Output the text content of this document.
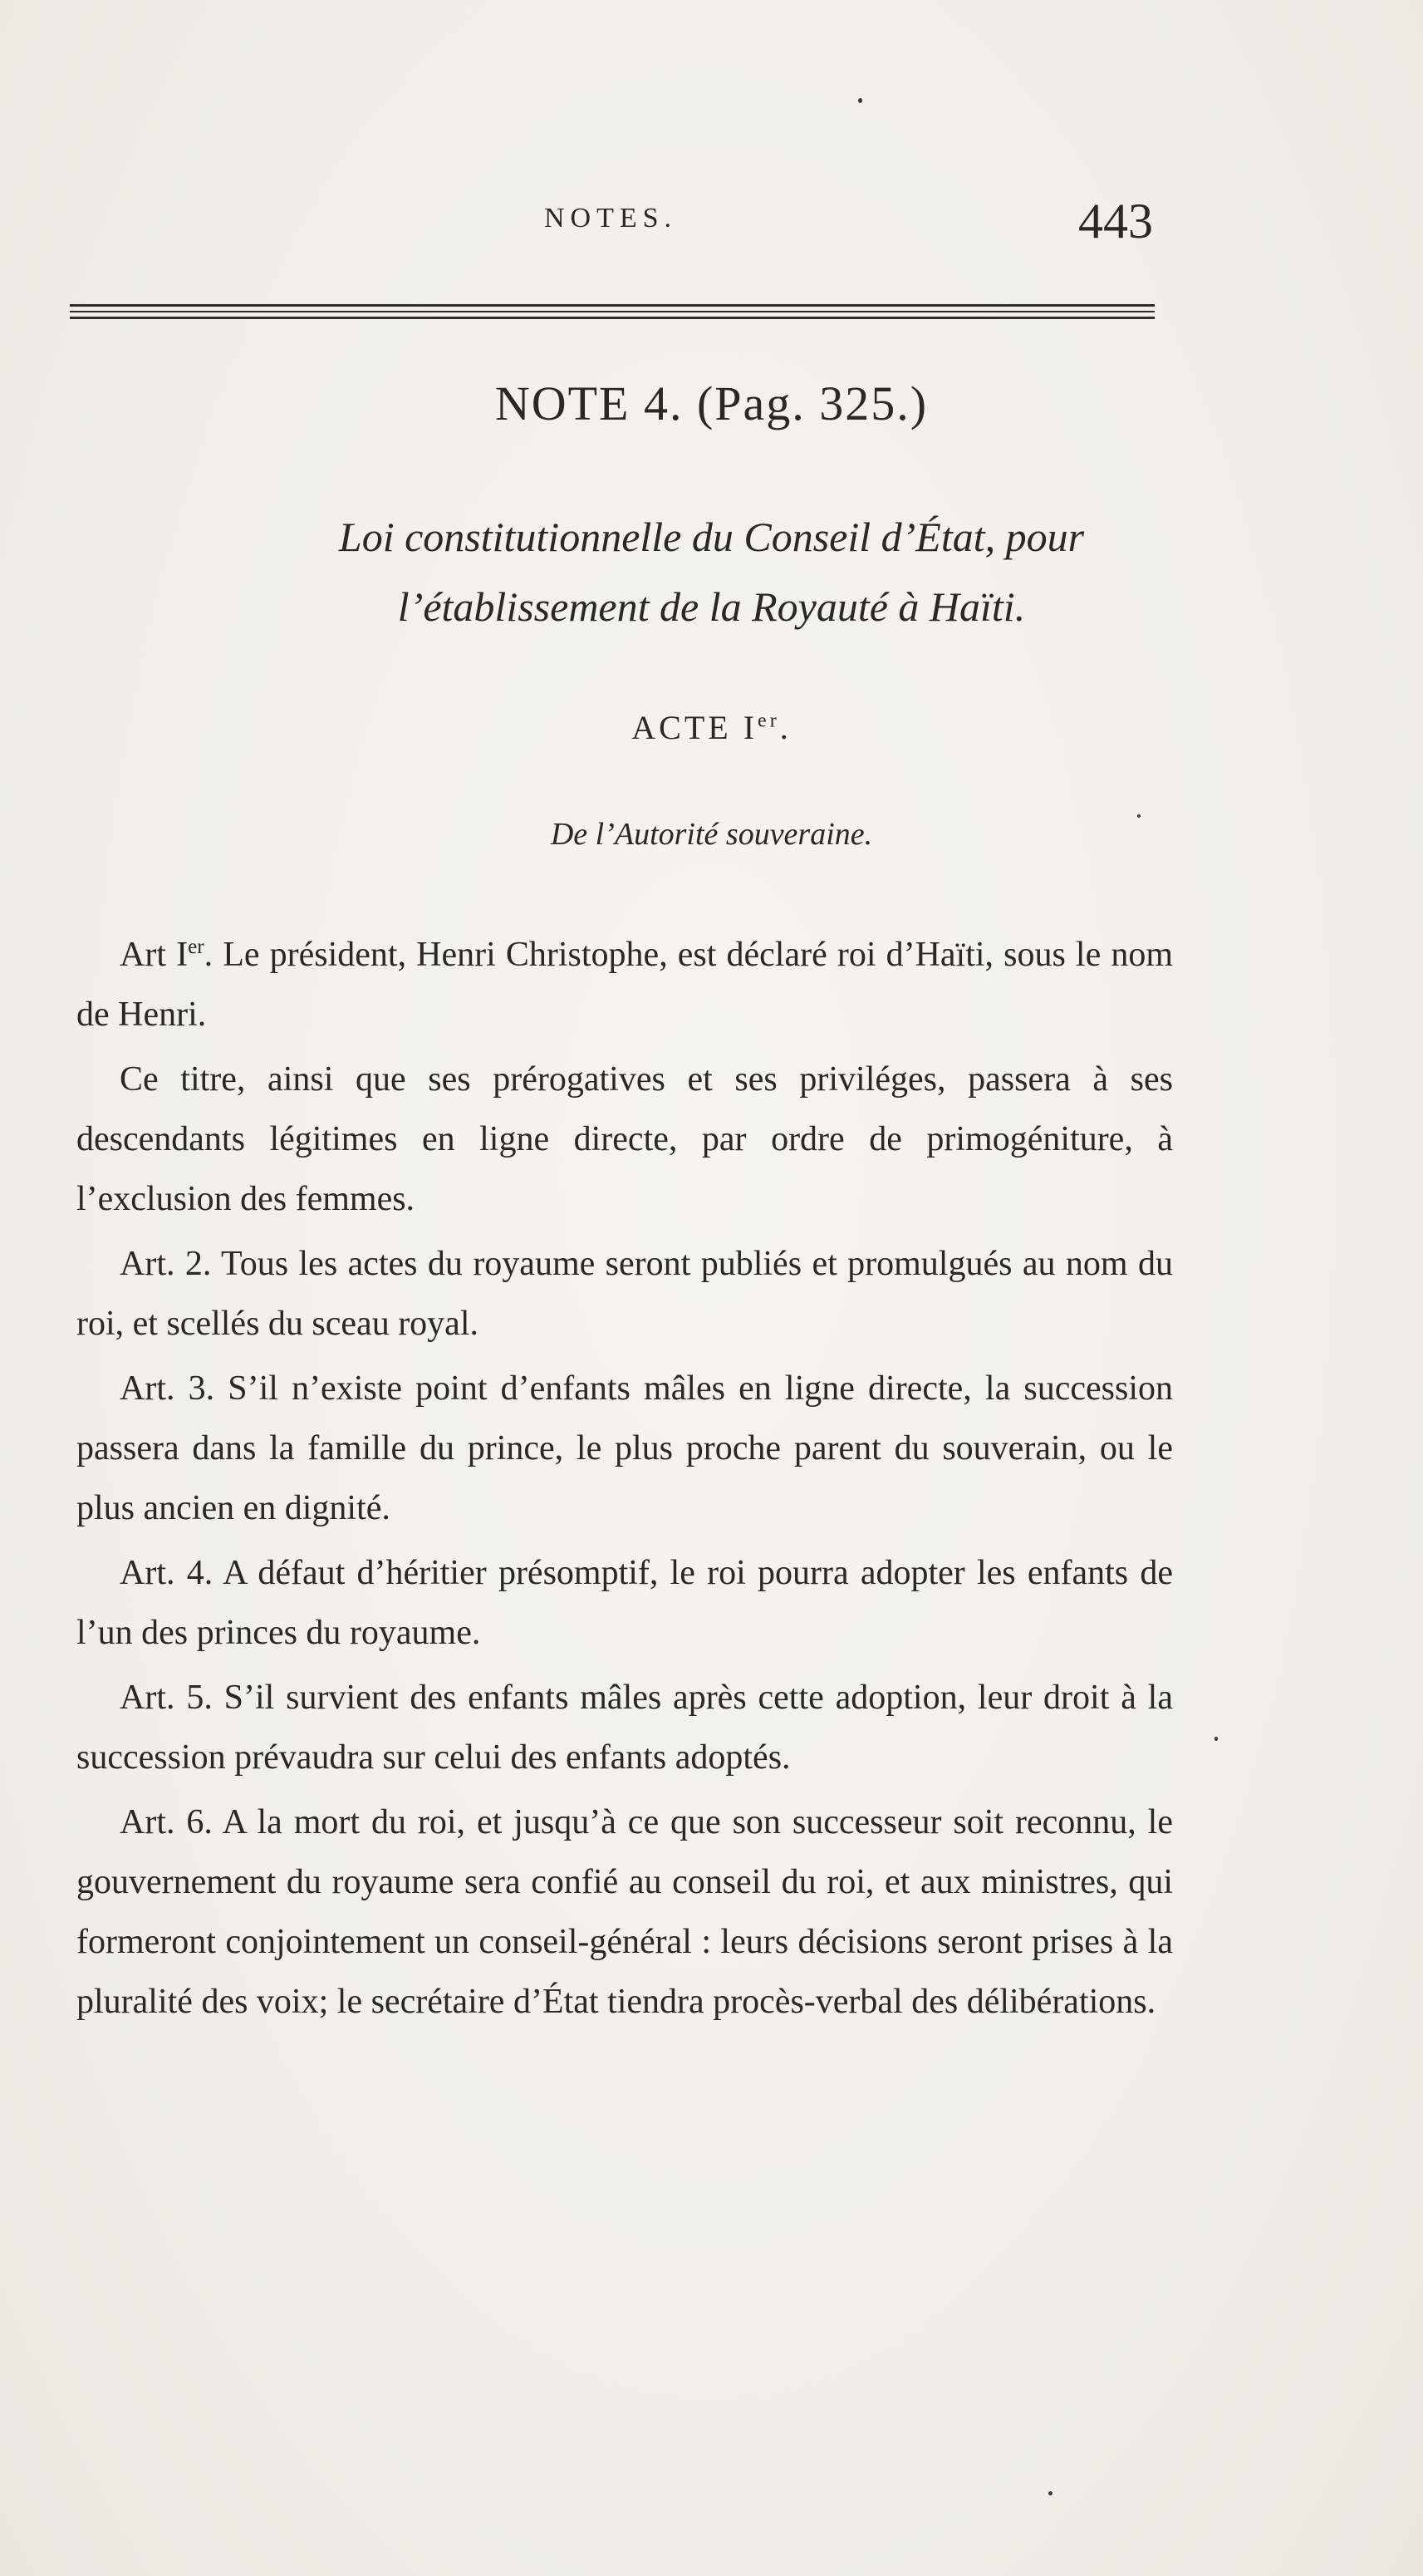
NOTES.	443
NOTE 4. (Pag. 325.)
Loi constitutionnelle du Conseil d’État, pour
l’établissement de la Royauté à Haïti.
ACTE Ier.
De l’Autorité souveraine.

Art Ier. Le président, Henri Christophe, est déclaré roi d’Haïti, sous le nom de Henri.

Ce titre, ainsi que ses prérogatives et ses priviléges, passera à ses descendants légitimes en ligne directe, par ordre de primogéniture, à l’exclusion des femmes.

Art. 2. Tous les actes du royaume seront publiés et promulgués au nom du roi, et scellés du sceau royal.

Art. 3. S’il n’existe point d’enfants mâles en ligne directe, la succession passera dans la famille du prince, le plus proche parent du souverain, ou le plus ancien en dignité.

Art. 4. A défaut d’héritier présomptif, le roi pourra adopter les enfants de l’un des princes du royaume.

Art. 5. S’il survient des enfants mâles après cette adoption, leur droit à la succession prévaudra sur celui des enfants adoptés.

Art. 6. A la mort du roi, et jusqu’à ce que son successeur soit reconnu, le gouvernement du royaume sera confié au conseil du roi, et aux ministres, qui formeront conjointement un conseil-général : leurs décisions seront prises à la pluralité des voix; le secrétaire d’État tiendra procès-verbal des délibérations.
